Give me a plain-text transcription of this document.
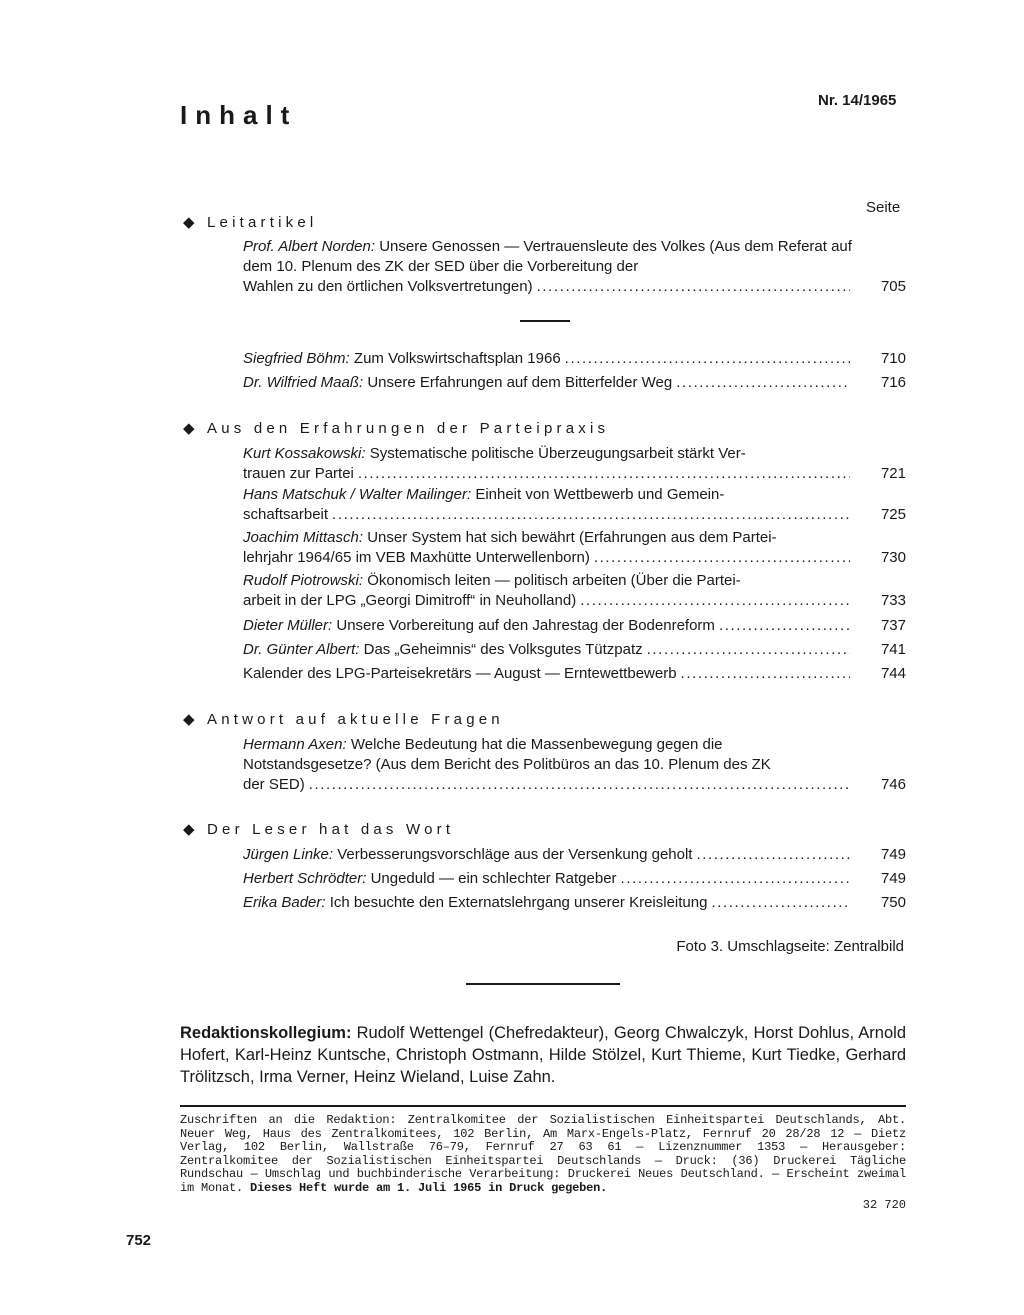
Inhalt	Nr. 14/1965
Seite
◆ Leitartikel
Prof. Albert Norden: Unsere Genossen — Vertrauensleute des Volkes (Aus dem Referat auf dem 10. Plenum des ZK der SED über die Vorbereitung der
Wahlen zu den örtlichen Volksvertretungen) .....	705
Siegfried Böhm: Zum Volkswirtschaftsplan 1966 .....	710
Dr. Wilfried Maaß: Unsere Erfahrungen auf dem Bitterfelder Weg .....	716
◆ Aus den Erfahrungen der Parteipraxis
Kurt Kossakowski: Systematische politische Überzeugungsarbeit stärkt Ver-
trauen zur Partei .....	721
Hans Matschuk / Walter Mailinger: Einheit von Wettbewerb und Gemein-
schaftsarbeit .....	725
Joachim Mittasch: Unser System hat sich bewährt (Erfahrungen aus dem Partei-
lehrjahr 1964/65 im VEB Maxhütte Unterwellenborn) .....	730
Rudolf Piotrowski: Ökonomisch leiten — politisch arbeiten (Über die Partei-
arbeit in der LPG „Georgi Dimitroff“ in Neuholland) .....	733
Dieter Müller: Unsere Vorbereitung auf den Jahrestag der Bodenreform .....	737
Dr. Günter Albert: Das „Geheimnis“ des Volksgutes Tützpatz .....	741
Kalender des LPG-Parteisekretärs — August — Erntewettbewerb .....	744
◆ Antwort auf aktuelle Fragen
Hermann Axen: Welche Bedeutung hat die Massenbewegung gegen die Notstandsgesetze? (Aus dem Bericht des Politbüros an das 10. Plenum des ZK
der SED) .....	746
◆ Der Leser hat das Wort
Jürgen Linke: Verbesserungsvorschläge aus der Versenkung geholt .....	749
Herbert Schrödter: Ungeduld — ein schlechter Ratgeber .....	749
Erika Bader: Ich besuchte den Externatslehrgang unserer Kreisleitung .....	750
Foto 3. Umschlagseite: Zentralbild
Redaktionskollegium: Rudolf Wettengel (Chefredakteur), Georg Chwalczyk, Horst Dohlus, Arnold Hofert, Karl-Heinz Kuntsche, Christoph Ostmann, Hilde Stölzel, Kurt Thieme, Kurt Tiedke, Gerhard Trölitzsch, Irma Verner, Heinz Wieland, Luise Zahn.
Zuschriften an die Redaktion: Zentralkomitee der Sozialistischen Einheitspartei Deutschlands, Abt. Neuer Weg, Haus des Zentralkomitees, 102 Berlin, Am Marx-Engels-Platz, Fernruf 20 28/28 12 — Dietz Verlag, 102 Berlin, Wallstraße 76–79, Fernruf 27 63 61 — Lizenznummer 1353 — Herausgeber: Zentralkomitee der Sozialistischen Einheitspartei Deutschlands — Druck: (36) Druckerei Tägliche Rundschau — Umschlag und buchbinderische Verarbeitung: Druckerei Neues Deutschland. — Erscheint zweimal im Monat. Dieses Heft wurde am 1. Juli 1965 in Druck gegeben.
32 720
752
